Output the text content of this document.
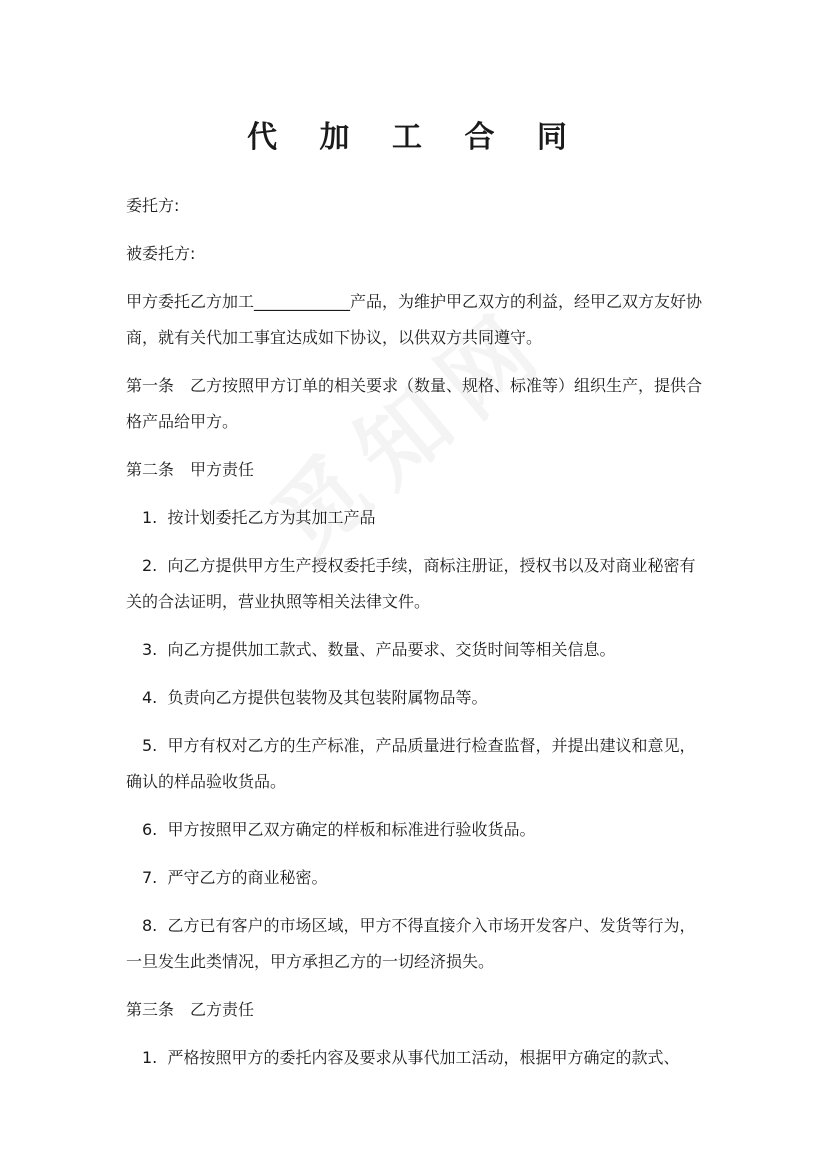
代 加 工 合 同

委托方:

被委托方:

甲方委托乙方加工____________产品，为维护甲乙双方的利益，经甲乙双方友好协商，就有关代加工事宜达成如下协议，以供双方共同遵守。

第一条　乙方按照甲方订单的相关要求（数量、规格、标准等）组织生产，提供合格产品给甲方。

第二条　甲方责任

1.  按计划委托乙方为其加工产品

2.  向乙方提供甲方生产授权委托手续，商标注册证，授权书以及对商业秘密有关的合法证明，营业执照等相关法律文件。

3.  向乙方提供加工款式、数量、产品要求、交货时间等相关信息。

4.  负责向乙方提供包装物及其包装附属物品等。

5.  甲方有权对乙方的生产标准，产品质量进行检查监督，并提出建议和意见，确认的样品验收货品。

6.  甲方按照甲乙双方确定的样板和标准进行验收货品。

7.  严守乙方的商业秘密。

8.  乙方已有客户的市场区域，甲方不得直接介入市场开发客户、发货等行为，一旦发生此类情况，甲方承担乙方的一切经济损失。

第三条　乙方责任

1.  严格按照甲方的委托内容及要求从事代加工活动，根据甲方确定的款式、
